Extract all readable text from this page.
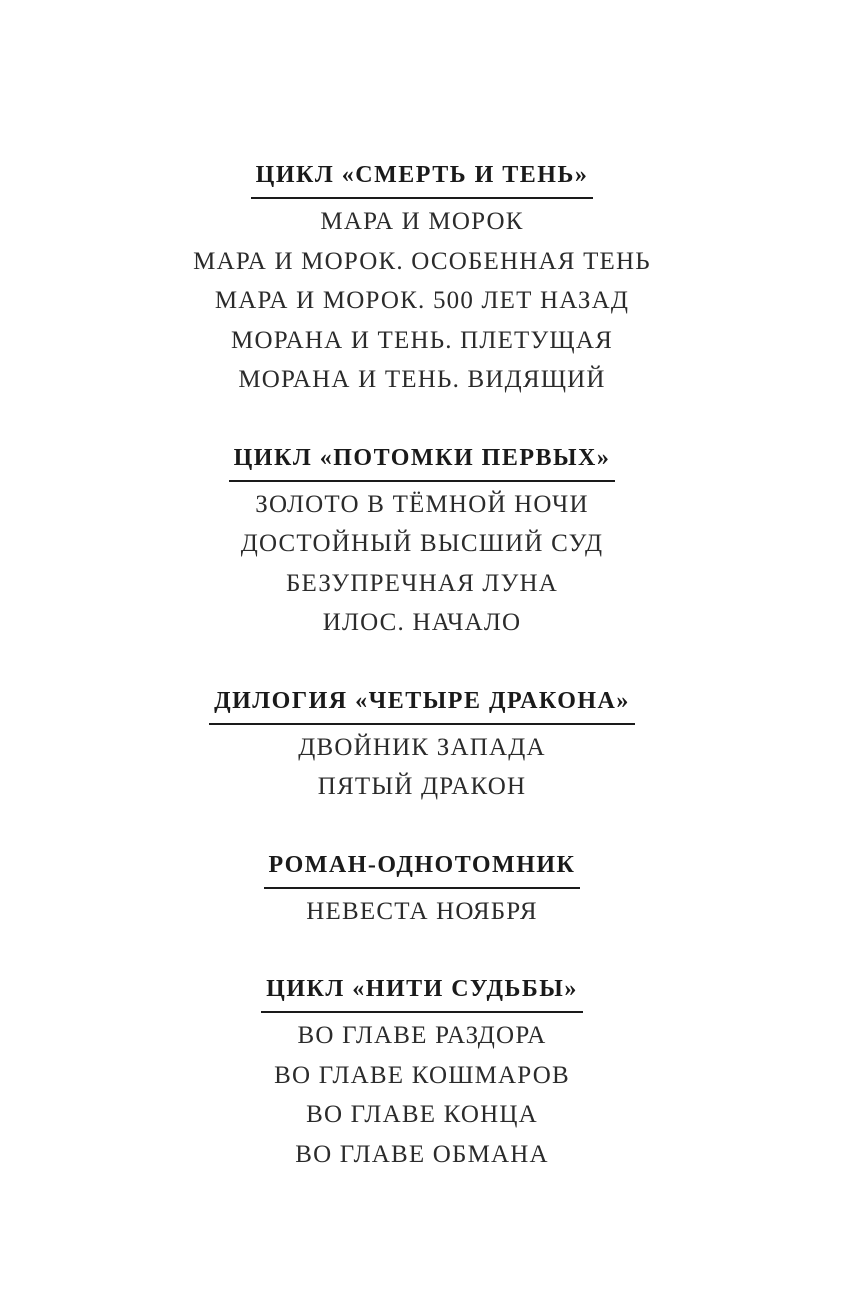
ЦИКЛ «СМЕРТЬ И ТЕНЬ»
МАРА И МОРОК
МАРА И МОРОК. ОСОБЕННАЯ ТЕНЬ
МАРА И МОРОК. 500 ЛЕТ НАЗАД
МОРАНА И ТЕНЬ. ПЛЕТУЩАЯ
МОРАНА И ТЕНЬ. ВИДЯЩИЙ
ЦИКЛ «ПОТОМКИ ПЕРВЫХ»
ЗОЛОТО В ТЁМНОЙ НОЧИ
ДОСТОЙНЫЙ ВЫСШИЙ СУД
БЕЗУПРЕЧНАЯ ЛУНА
ИЛОС. НАЧАЛО
ДИЛОГИЯ «ЧЕТЫРЕ ДРАКОНА»
ДВОЙНИК ЗАПАДА
ПЯТЫЙ ДРАКОН
РОМАН-ОДНОТОМНИК
НЕВЕСТА НОЯБРЯ
ЦИКЛ «НИТИ СУДЬБЫ»
ВО ГЛАВЕ РАЗДОРА
ВО ГЛАВЕ КОШМАРОВ
ВО ГЛАВЕ КОНЦА
ВО ГЛАВЕ ОБМАНА
